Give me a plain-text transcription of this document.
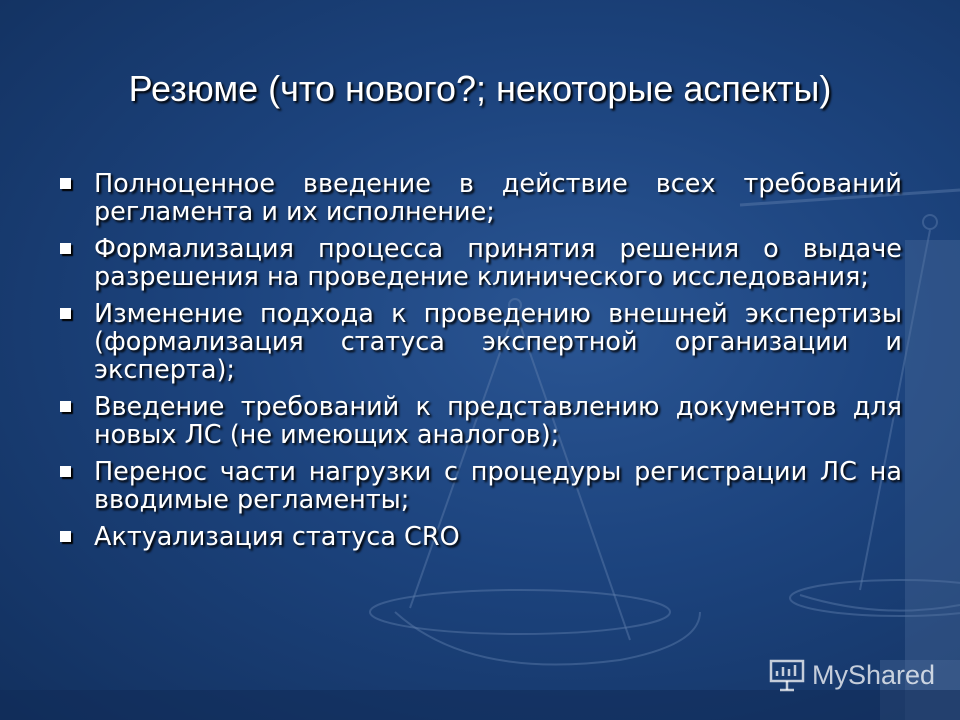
Резюме (что нового?; некоторые аспекты)
Полноценное введение в действие всех требований регламента и их исполнение;
Формализация процесса принятия решения о выдаче разрешения на проведение клинического исследования;
Изменение подхода к проведению внешней экспертизы (формализация статуса экспертной организации и эксперта);
Введение требований к представлению документов для новых ЛС (не имеющих аналогов);
Перенос части нагрузки с процедуры регистрации ЛС на вводимые регламенты;
Актуализация статуса CRO
MyShared
